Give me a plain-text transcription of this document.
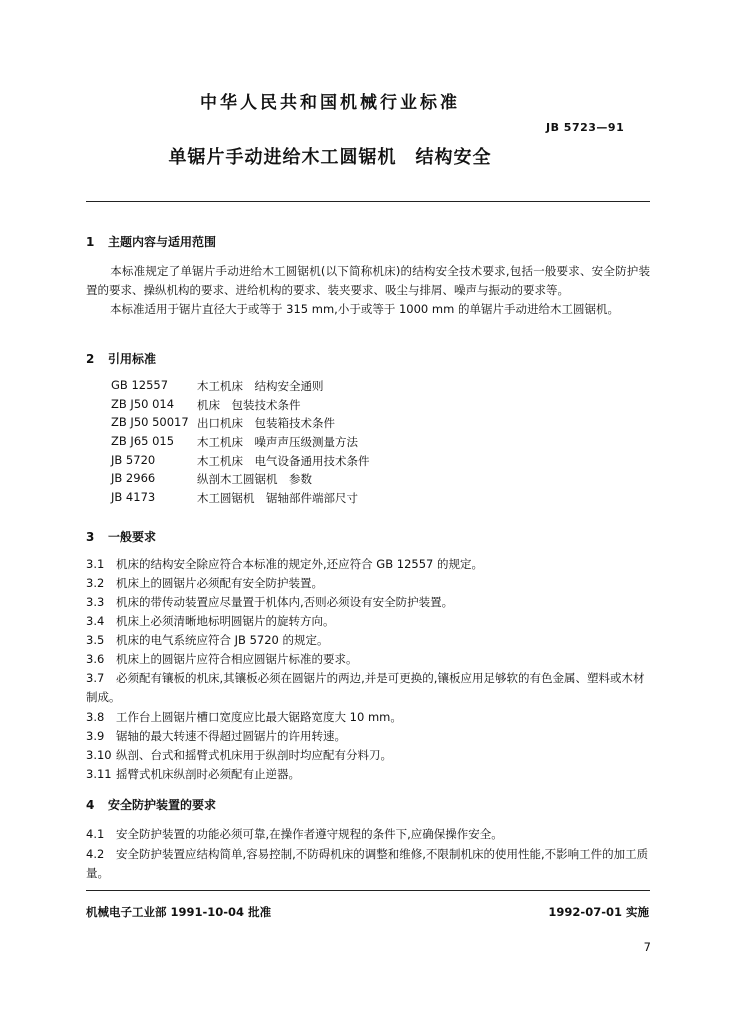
中华人民共和国机械行业标准
JB 5723—91
单锯片手动进给木工圆锯机　结构安全
1 主题内容与适用范围
本标准规定了单锯片手动进给木工圆锯机(以下简称机床)的结构安全技术要求,包括一般要求、安全防护装置的要求、操纵机构的要求、进给机构的要求、装夹要求、吸尘与排屑、噪声与振动的要求等。
本标准适用于锯片直径大于或等于 315 mm,小于或等于 1000 mm 的单锯片手动进给木工圆锯机。
2 引用标准
GB 12557	木工机床　结构安全通则
ZB J50 014	机床　包装技术条件
ZB J50 50017 出口机床　包装箱技术条件
ZB J65 015	木工机床　噪声声压级测量方法
JB 5720	木工机床　电气设备通用技术条件
JB 2966	纵剖木工圆锯机　参数
JB 4173	木工圆锯机　锯轴部件端部尺寸
3 一般要求
3.1 机床的结构安全除应符合本标准的规定外,还应符合 GB 12557 的规定。
3.2 机床上的圆锯片必须配有安全防护装置。
3.3 机床的带传动装置应尽量置于机体内,否则必须设有安全防护装置。
3.4 机床上必须清晰地标明圆锯片的旋转方向。
3.5 机床的电气系统应符合 JB 5720 的规定。
3.6 机床上的圆锯片应符合相应圆锯片标准的要求。
3.7 必须配有镶板的机床,其镶板必须在圆锯片的两边,并是可更换的,镶板应用足够软的有色金属、塑料或木材制成。
3.8 工作台上圆锯片槽口宽度应比最大锯路宽度大 10 mm。
3.9 锯轴的最大转速不得超过圆锯片的许用转速。
3.10 纵剖、台式和摇臂式机床用于纵剖时均应配有分料刀。
3.11 摇臂式机床纵剖时必须配有止逆器。
4 安全防护装置的要求
4.1 安全防护装置的功能必须可靠,在操作者遵守规程的条件下,应确保操作安全。
4.2 安全防护装置应结构简单,容易控制,不防碍机床的调整和维修,不限制机床的使用性能,不影响工件的加工质量。
机械电子工业部 1991-10-04 批准	1992-07-01 实施
7
